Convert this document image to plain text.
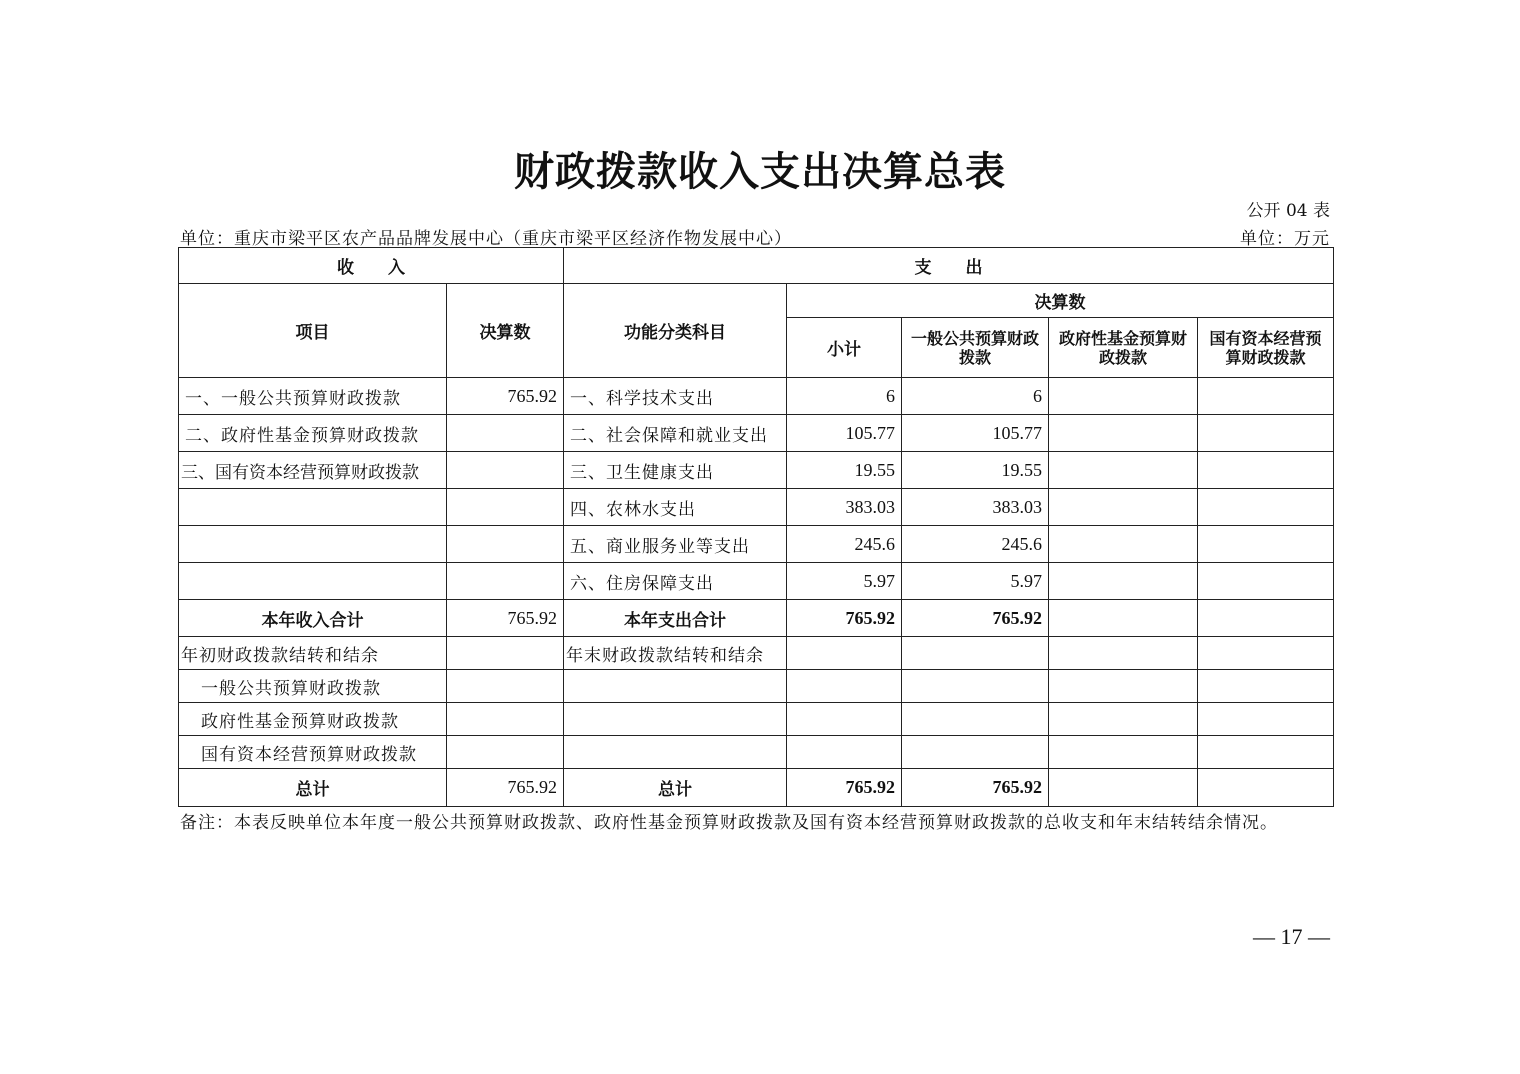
财政拨款收入支出决算总表
公开 04 表
单位：重庆市梁平区农产品品牌发展中心（重庆市梁平区经济作物发展中心）	单位：万元
收　　入		支　　出				
项目	决算数	功能分类科目	决算数			
			小计	一般公共预算财政拨款	政府性基金预算财政拨款	国有资本经营预算财政拨款
一、一般公共预算财政拨款	765.92	一、科学技术支出	6	6		
二、政府性基金预算财政拨款		二、社会保障和就业支出	105.77	105.77		
三、国有资本经营预算财政拨款		三、卫生健康支出	19.55	19.55		
		四、农林水支出	383.03	383.03		
		五、商业服务业等支出	245.6	245.6		
		六、住房保障支出	5.97	5.97		
本年收入合计	765.92	本年支出合计	765.92	765.92		
年初财政拨款结转和结余		年末财政拨款结转和结余				
一般公共预算财政拨款						
政府性基金预算财政拨款						
国有资本经营预算财政拨款						
总计	765.92	总计	765.92	765.92		
备注：本表反映单位本年度一般公共预算财政拨款、政府性基金预算财政拨款及国有资本经营预算财政拨款的总收支和年末结转结余情况。
— 17 —
